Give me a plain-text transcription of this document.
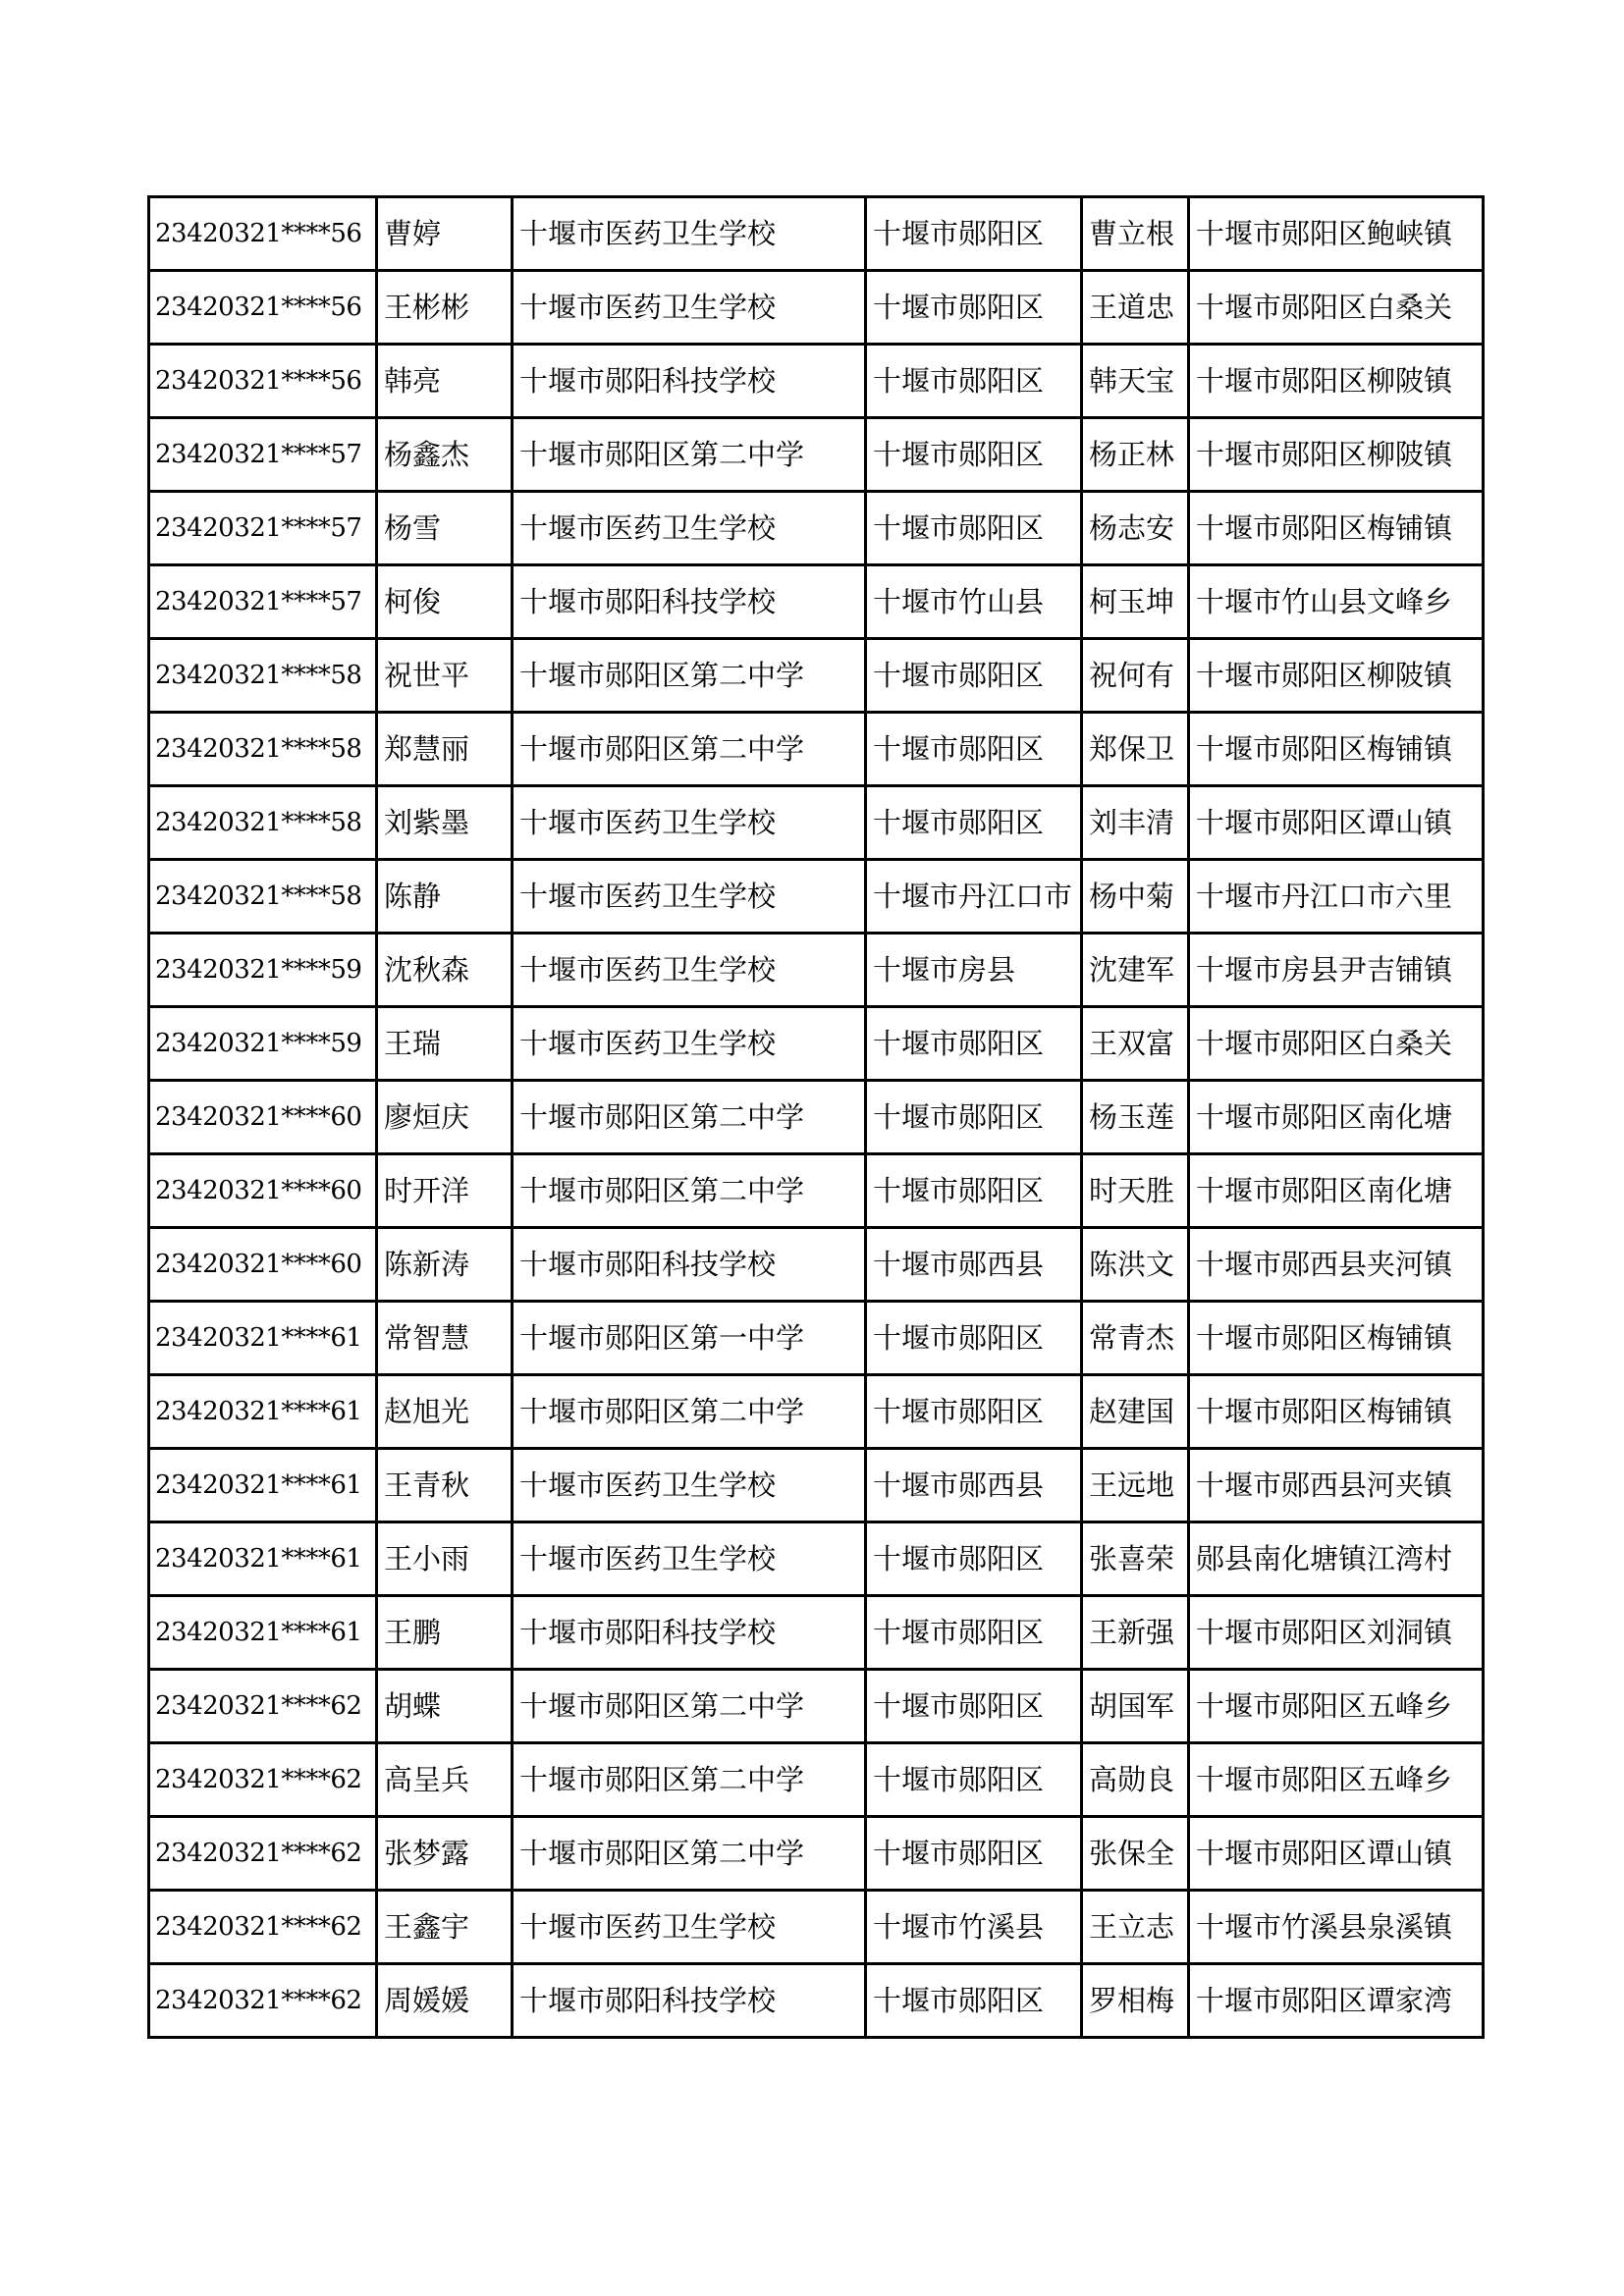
23420321****56	曹婷	十堰市医药卫生学校	十堰市郧阳区	曹立根	十堰市郧阳区鲍峡镇
23420321****56	王彬彬	十堰市医药卫生学校	十堰市郧阳区	王道忠	十堰市郧阳区白桑关
23420321****56	韩亮	十堰市郧阳科技学校	十堰市郧阳区	韩天宝	十堰市郧阳区柳陂镇
23420321****57	杨鑫杰	十堰市郧阳区第二中学	十堰市郧阳区	杨正林	十堰市郧阳区柳陂镇
23420321****57	杨雪	十堰市医药卫生学校	十堰市郧阳区	杨志安	十堰市郧阳区梅铺镇
23420321****57	柯俊	十堰市郧阳科技学校	十堰市竹山县	柯玉坤	十堰市竹山县文峰乡
23420321****58	祝世平	十堰市郧阳区第二中学	十堰市郧阳区	祝何有	十堰市郧阳区柳陂镇
23420321****58	郑慧丽	十堰市郧阳区第二中学	十堰市郧阳区	郑保卫	十堰市郧阳区梅铺镇
23420321****58	刘紫墨	十堰市医药卫生学校	十堰市郧阳区	刘丰清	十堰市郧阳区谭山镇
23420321****58	陈静	十堰市医药卫生学校	十堰市丹江口市	杨中菊	十堰市丹江口市六里
23420321****59	沈秋森	十堰市医药卫生学校	十堰市房县	沈建军	十堰市房县尹吉铺镇
23420321****59	王瑞	十堰市医药卫生学校	十堰市郧阳区	王双富	十堰市郧阳区白桑关
23420321****60	廖烜庆	十堰市郧阳区第二中学	十堰市郧阳区	杨玉莲	十堰市郧阳区南化塘
23420321****60	时开洋	十堰市郧阳区第二中学	十堰市郧阳区	时天胜	十堰市郧阳区南化塘
23420321****60	陈新涛	十堰市郧阳科技学校	十堰市郧西县	陈洪文	十堰市郧西县夹河镇
23420321****61	常智慧	十堰市郧阳区第一中学	十堰市郧阳区	常青杰	十堰市郧阳区梅铺镇
23420321****61	赵旭光	十堰市郧阳区第二中学	十堰市郧阳区	赵建国	十堰市郧阳区梅铺镇
23420321****61	王青秋	十堰市医药卫生学校	十堰市郧西县	王远地	十堰市郧西县河夹镇
23420321****61	王小雨	十堰市医药卫生学校	十堰市郧阳区	张喜荣	郧县南化塘镇江湾村
23420321****61	王鹏	十堰市郧阳科技学校	十堰市郧阳区	王新强	十堰市郧阳区刘洞镇
23420321****62	胡蝶	十堰市郧阳区第二中学	十堰市郧阳区	胡国军	十堰市郧阳区五峰乡
23420321****62	高呈兵	十堰市郧阳区第二中学	十堰市郧阳区	高勋良	十堰市郧阳区五峰乡
23420321****62	张梦露	十堰市郧阳区第二中学	十堰市郧阳区	张保全	十堰市郧阳区谭山镇
23420321****62	王鑫宇	十堰市医药卫生学校	十堰市竹溪县	王立志	十堰市竹溪县泉溪镇
23420321****62	周媛媛	十堰市郧阳科技学校	十堰市郧阳区	罗相梅	十堰市郧阳区谭家湾
